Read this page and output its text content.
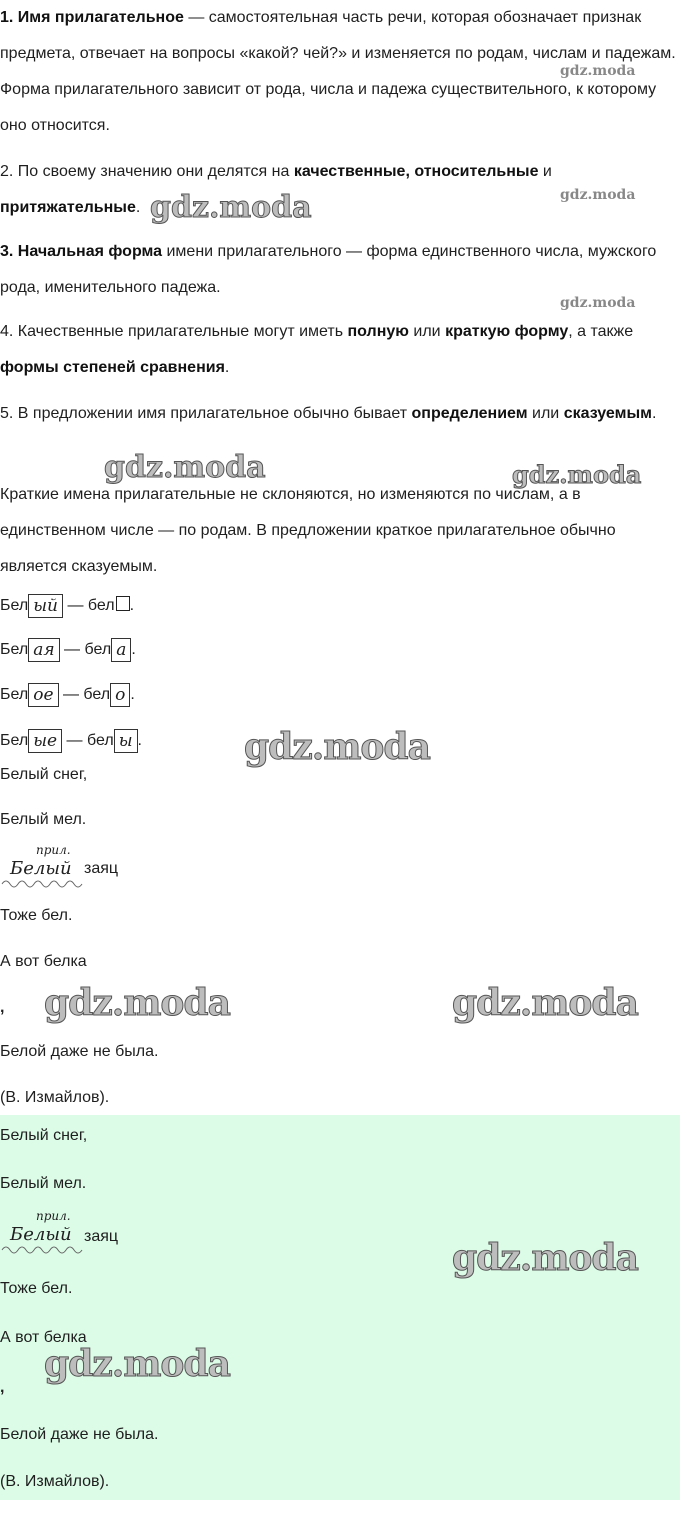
1. Имя прилагательное — самостоятельная часть речи, которая обозначает признак предмета, отвечает на вопросы «какой? чей?» и изменяется по родам, числам и падежам. Форма прилагательного зависит от рода, числа и падежа существительного, к которому оно относится.

2. По своему значению они делятся на качественные, относительные и притяжательные.

3. Начальная форма имени прилагательного — форма единственного числа, мужского рода, именительного падежа.

4. Качественные прилагательные могут иметь полную или краткую форму, а также формы степеней сравнения.

5. В предложении имя прилагательное обычно бывает определением или сказуемым.

Краткие имена прилагательные не склоняются, но изменяются по числам, а в единственном числе — по родам. В предложении краткое прилагательное обычно является сказуемым.

Бел ый — бел .
Бел ая — бел а .
Бел ое — бел о .
Бел ые — бел ы .
Белый снег,
Белый мел.
прил.
Белый заяц
Тоже бел.
А вот белка
,
Белой даже не была.
(В. Измайлов).
Белый снег,
Белый мел.
прил.
Белый заяц
Тоже бел.
А вот белка
,
Белой даже не была.
(В. Измайлов).
gdz.moda
gdz.moda
gdz.moda
gdz.moda
gdz.moda	gdz.moda
gdz.moda
gdz.moda	gdz.moda
gdz.moda
gdz.moda
